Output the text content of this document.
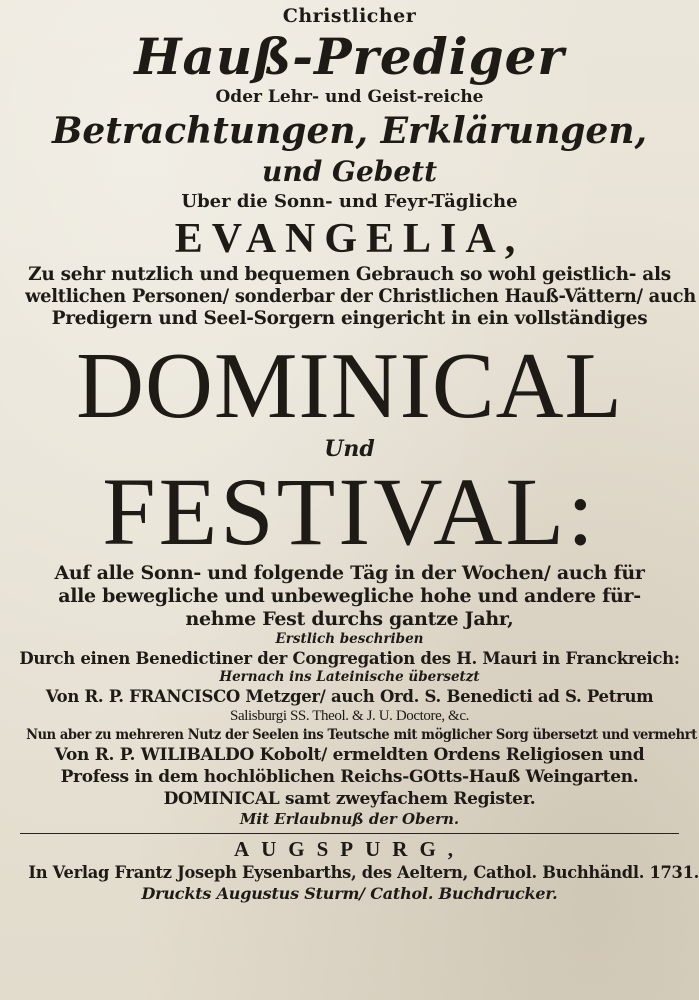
Christlicher
Hauß-Prediger
Oder Lehr- und Geist-reiche
Betrachtungen, Erklärungen,
und Gebett
Uber die Sonn- und Feyr-Tägliche
EVANGELIA,
Zu sehr nutzlich und bequemen Gebrauch so wohl geistlich- als
weltlichen Personen/ sonderbar der Christlichen Hauß-Vättern/ auch
Predigern und Seel-Sorgern eingericht in ein vollständiges
DOMINICAL
Und
FESTIVAL:
Auf alle Sonn- und folgende Täg in der Wochen/ auch für
alle bewegliche und unbewegliche hohe und andere für-
nehme Fest durchs gantze Jahr,
Erstlich beschriben
Durch einen Benedictiner der Congregation des H. Mauri in Franckreich:
Hernach ins Lateinische übersetzt
Von R. P. FRANCISCO Metzger/ auch Ord. S. Benedicti ad S. Petrum
Salisburgi SS. Theol. & J. U. Doctore, &c.
Nun aber zu mehreren Nutz der Seelen ins Teutsche mit möglicher Sorg übersetzt und vermehrt
Von R. P. WILIBALDO Kobolt/ ermeldten Ordens Religiosen und
Profess in dem hochlöblichen Reichs-GOtts-Hauß Weingarten.
DOMINICAL samt zweyfachem Register.
Mit Erlaubnuß der Obern.
AUGSPURG,
In Verlag Frantz Joseph Eysenbarths, des Aeltern, Cathol. Buchhändl. 1731.
Druckts Augustus Sturm/ Cathol. Buchdrucker.
